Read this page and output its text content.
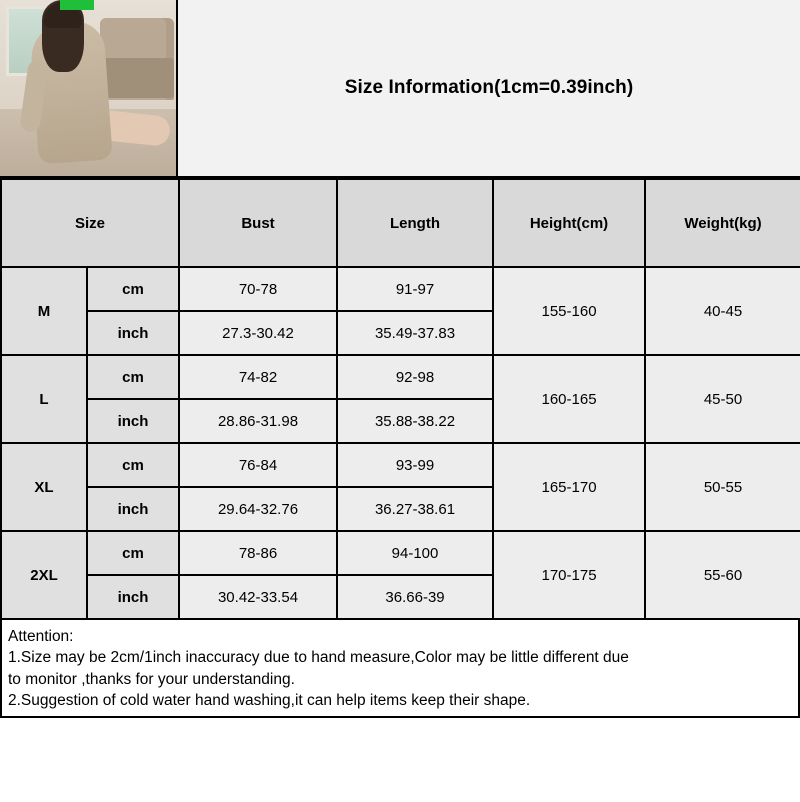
Size Information(1cm=0.39inch)
Size		Bust	Length	Height(cm)	Weight(kg)
M	cm	70-78	91-97	155-160	40-45
	inch	27.3-30.42	35.49-37.83		
L	cm	74-82	92-98	160-165	45-50
	inch	28.86-31.98	35.88-38.22		
XL	cm	76-84	93-99	165-170	50-55
	inch	29.64-32.76	36.27-38.61		
2XL	cm	78-86	94-100	170-175	55-60
	inch	30.42-33.54	36.66-39		
Attention:
1.Size may be 2cm/1inch inaccuracy due to hand measure,Color may be little different due
to monitor ,thanks for your understanding.
2.Suggestion of cold water hand washing,it can help items keep their shape.
